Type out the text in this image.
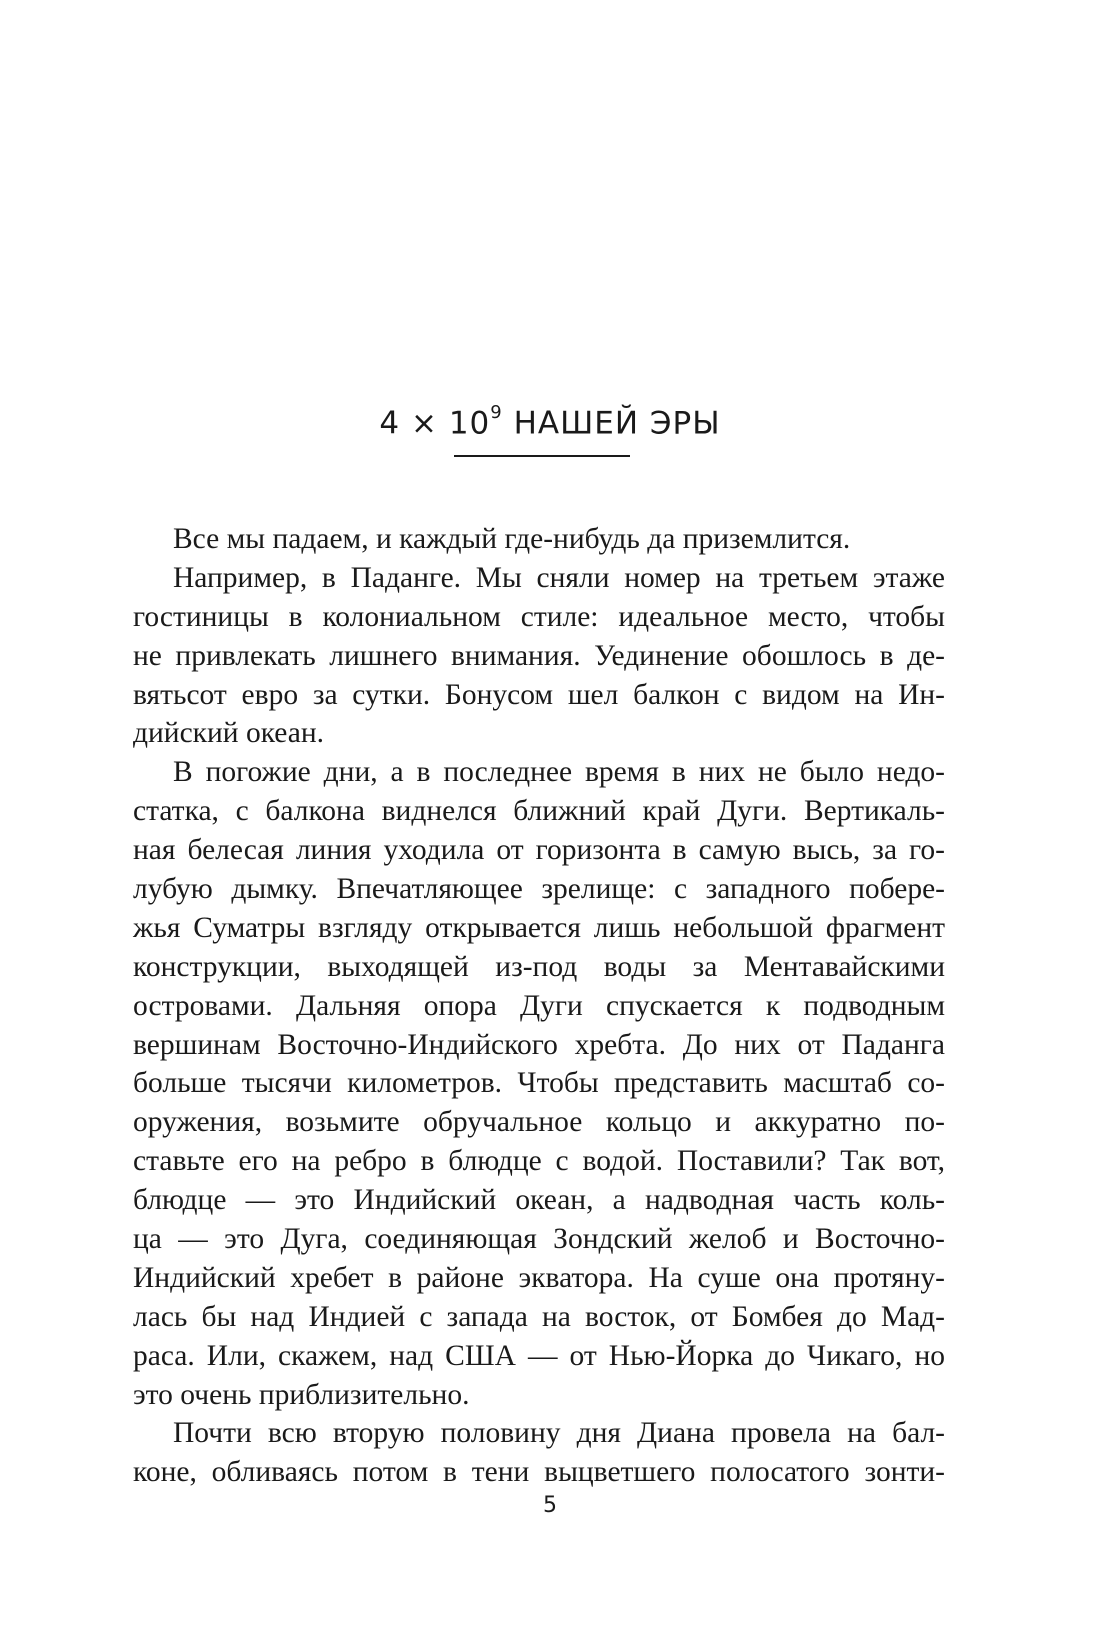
$4 \times 10^9$ НАШЕЙ ЭРЫ
Все мы падаем, и каждый где-нибудь да приземлится.
Например, в Паданге. Мы сняли номер на третьем этаже
гостиницы в колониальном стиле: идеальное место, чтобы
не привлекать лишнего внимания. Уединение обошлось в де-
вятьсот евро за сутки. Бонусом шел балкон с видом на Ин-
дийский океан.
В погожие дни, а в последнее время в них не было недо-
статка, с балкона виднелся ближний край Дуги. Вертикаль-
ная белесая линия уходила от горизонта в самую высь, за го-
лубую дымку. Впечатляющее зрелище: с западного побере-
жья Суматры взгляду открывается лишь небольшой фрагмент
конструкции, выходящей из-под воды за Ментавайскими
островами. Дальняя опора Дуги спускается к подводным
вершинам Восточно-Индийского хребта. До них от Паданга
больше тысячи километров. Чтобы представить масштаб со-
оружения, возьмите обручальное кольцо и аккуратно по-
ставьте его на ребро в блюдце с водой. Поставили? Так вот,
блюдце — это Индийский океан, а надводная часть коль-
ца — это Дуга, соединяющая Зондский желоб и Восточно-
Индийский хребет в районе экватора. На суше она протяну-
лась бы над Индией с запада на восток, от Бомбея до Мад-
раса. Или, скажем, над США — от Нью-Йорка до Чикаго, но
это очень приблизительно.
Почти всю вторую половину дня Диана провела на бал-
коне, обливаясь потом в тени выцветшего полосатого зонти-
5
